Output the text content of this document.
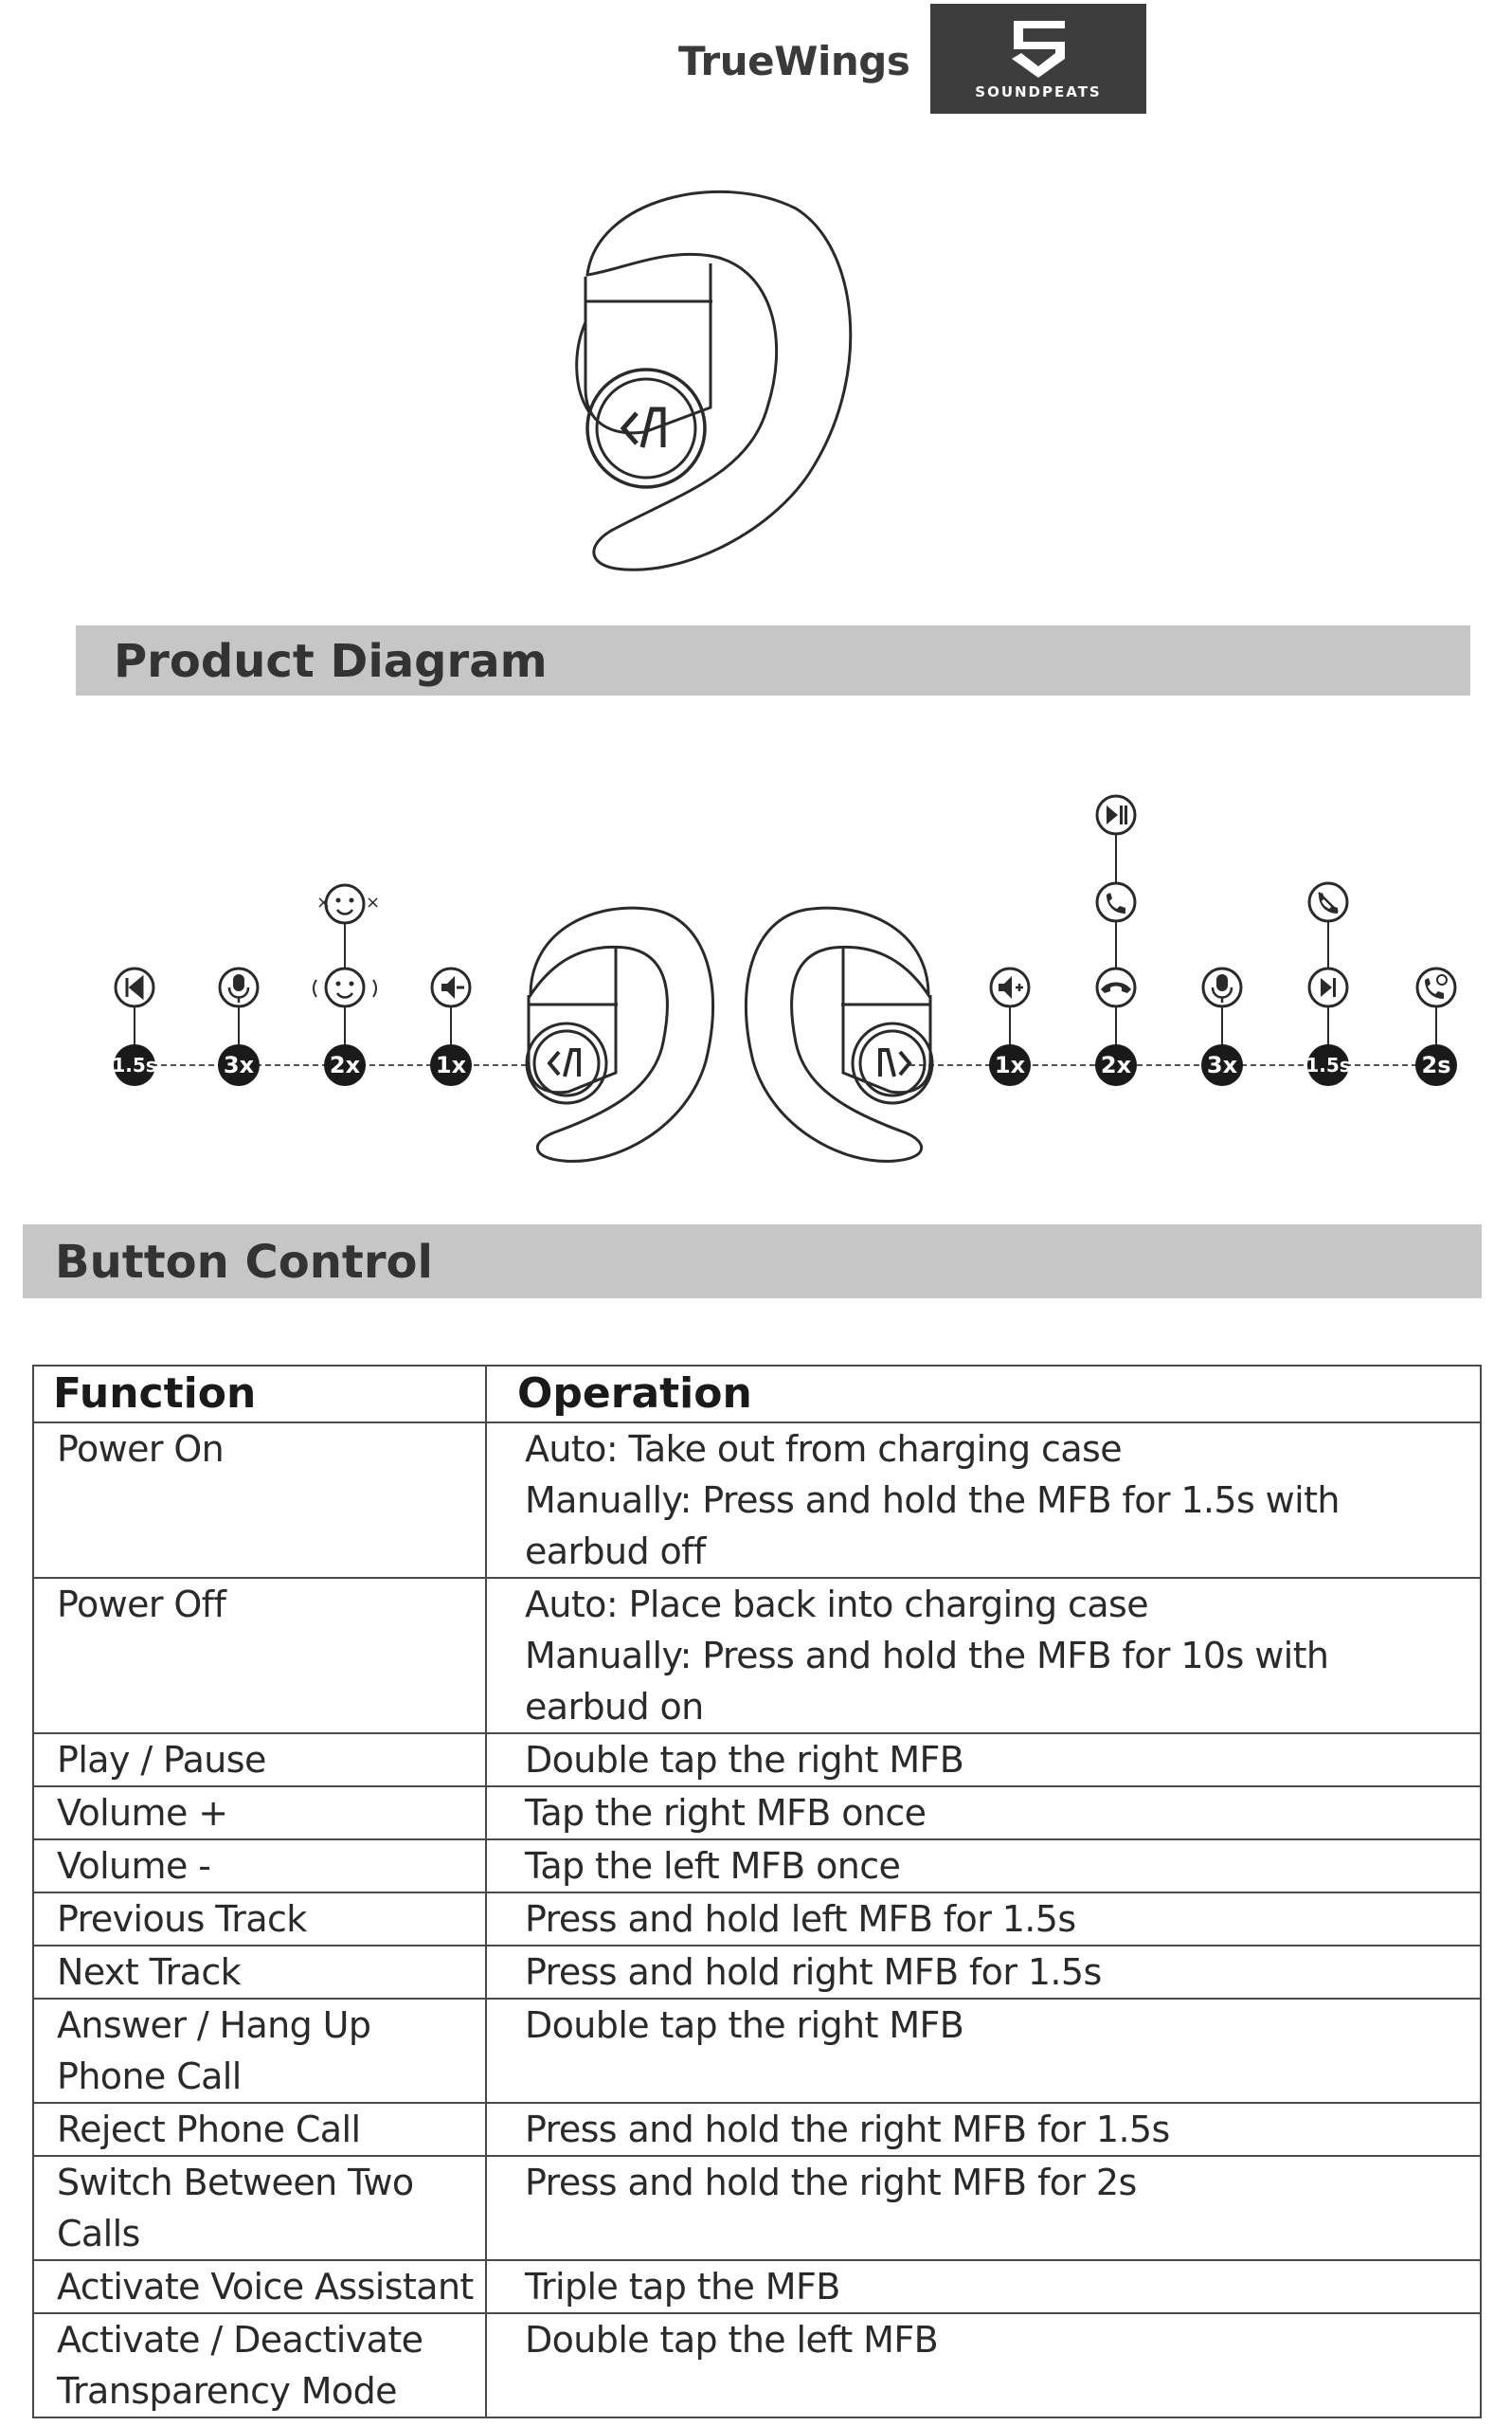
TrueWings
SOUNDPEATS
Product Diagram
1.5s	3x
× ×
2x	1x	1x	2x	3x	1.5s	2s
Button Control
Function	Operation
Power On	Auto: Take out from charging case
Manually: Press and hold the MFB for 1.5s with earbud off

Power Off	Auto: Place back into charging case
Manually: Press and hold the MFB for 10s with earbud on

Play / Pause	Double tap the right MFB

Volume +	Tap the right MFB once

Volume -	Tap the left MFB once

Previous Track	Press and hold left MFB for 1.5s

Next Track	Press and hold right MFB for 1.5s

Answer / Hang Up Phone Call	Double tap the right MFB

Reject Phone Call	Press and hold the right MFB for 1.5s

Switch Between Two Calls	Press and hold the right MFB for 2s

Activate Voice Assistant	Triple tap the MFB

Activate / Deactivate Transparency Mode	Double tap the left MFB
